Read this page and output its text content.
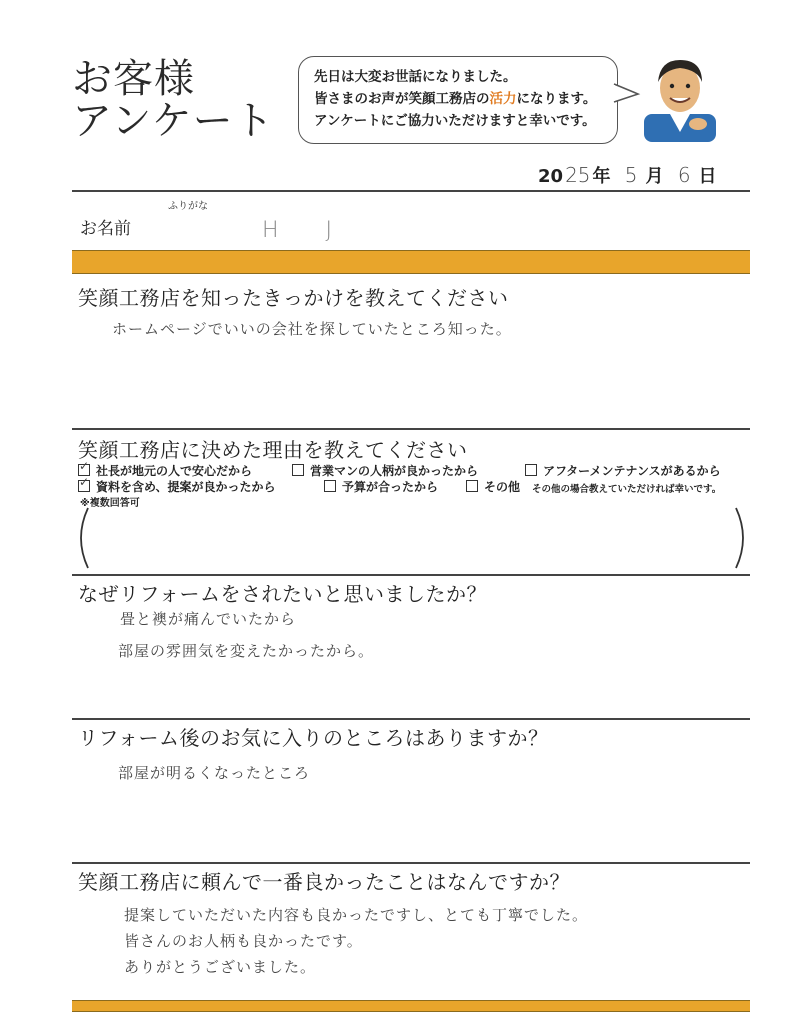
お客様
アンケート
先日は大変お世話になりました。
皆さまのお声が笑顔工務店の活力になります。
アンケートにご協力いただけますと幸いです。
20 25 年 5 月 6 日
ふりがな
お名前	H J
笑顔工務店を知ったきっかけを教えてください
ホームページでいいの会社を探していたところ知った。
笑顔工務店に決めた理由を教えてください
✓社長が地元の人で安心だから	営業マンの人柄が良かったから	アフターメンテナンスがあるから
✓資料を含め、提案が良かったから	予算が合ったから	その他 その他の場合教えていただければ幸いです。
※複数回答可
なぜリフォームをされたいと思いましたか？
畳と襖が痛んでいたから
部屋の雰囲気を変えたかったから。
リフォーム後のお気に入りのところはありますか？
部屋が明るくなったところ
笑顔工務店に頼んで一番良かったことはなんですか？
提案していただいた内容も良かったですし、とても丁寧でした。
皆さんのお人柄も良かったです。
ありがとうございました。
